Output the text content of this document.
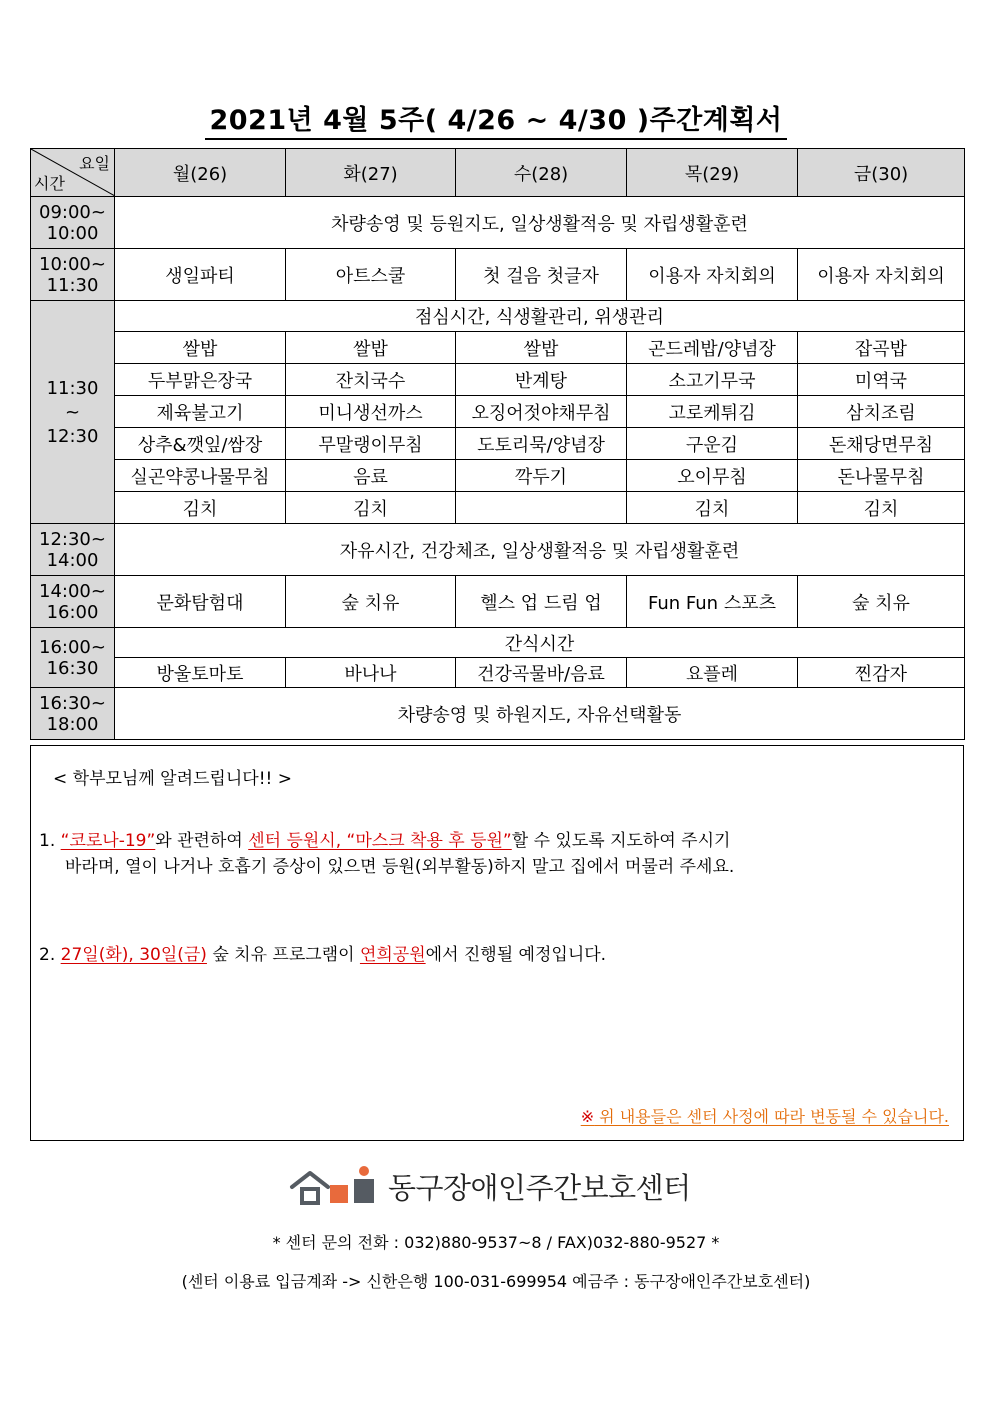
2021년 4월 5주( 4/26 ~ 4/30 )주간계획서
요일
시간	월(26)	화(27)	수(28)	목(29)	금(30)

09:00~
10:00	차량송영 및 등원지도, 일상생활적응 및 자립생활훈련				

10:00~
11:30	생일파티	아트스쿨	첫 걸음 첫글자	이용자 자치회의	이용자 자치회의

11:30
~
12:30	점심시간, 식생활관리, 위생관리				
	쌀밥	쌀밥	쌀밥	곤드레밥/양념장	잡곡밥
	두부맑은장국	잔치국수	반계탕	소고기무국	미역국
	제육불고기	미니생선까스	오징어젓야채무침	고로케튀김	삼치조림
	상추&깻잎/쌈장	무말랭이무침	도토리묵/양념장	구운김	돈채당면무침
	실곤약콩나물무침	음료	깍두기	오이무침	돈나물무침
	김치	김치		김치	김치

12:30~
14:00	자유시간, 건강체조, 일상생활적응 및 자립생활훈련				

14:00~
16:00	문화탐험대	숲 치유	헬스 업 드림 업	Fun Fun 스포츠	숲 치유

16:00~
16:30	간식시간				
	방울토마토	바나나	건강곡물바/음료	요플레	찐감자

16:30~
18:00	차량송영 및 하원지도, 자유선택활동				
< 학부모님께 알려드립니다!! >
1. “코로나-19”와 관련하여 센터 등원시, “마스크 착용 후 등원”할 수 있도록 지도하여 주시기
바라며, 열이 나거나 호흡기 증상이 있으면 등원(외부활동)하지 말고 집에서 머물러 주세요.
2. 27일(화), 30일(금) 숲 치유 프로그램이 연희공원에서 진행될 예정입니다.
※ 위 내용들은 센터 사정에 따라 변동될 수 있습니다.
동구장애인주간보호센터
* 센터 문의 전화 : 032)880-9537~8 / FAX)032-880-9527 *
(센터 이용료 입금계좌 -> 신한은행 100-031-699954 예금주 : 동구장애인주간보호센터)
